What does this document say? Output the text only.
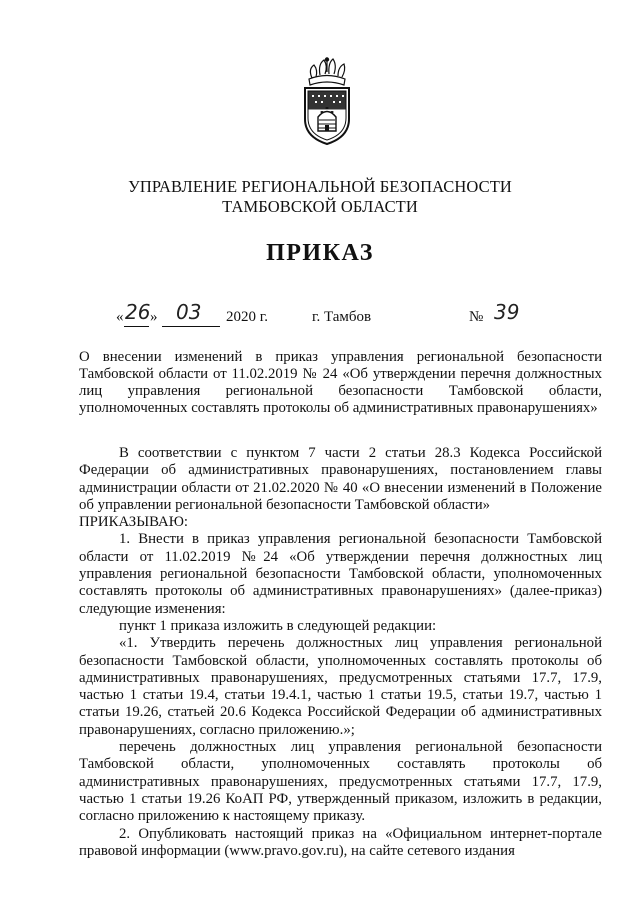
УПРАВЛЕНИЕ РЕГИОНАЛЬНОЙ БЕЗОПАСНОСТИ
ТАМБОВСКОЙ ОБЛАСТИ
ПРИКАЗ
« 26 » 03 2020 г.	г. Тамбов	№ 39
О внесении изменений в приказ управления региональной безопасности Тамбовской области от 11.02.2019 № 24 «Об утверждении перечня должностных лиц управления региональной безопасности Тамбовской области, уполномоченных составлять протоколы об административных правонарушениях»

В соответствии с пунктом 7 части 2 статьи 28.3 Кодекса Российской Федерации об административных правонарушениях, постановлением главы администрации области от 21.02.2020 № 40 «О внесении изменений в Положение об управлении региональной безопасности Тамбовской области»

ПРИКАЗЫВАЮ:

1. Внести в приказ управления региональной безопасности Тамбовской области от 11.02.2019 №24 «Об утверждении перечня должностных лиц управления региональной безопасности Тамбовской области, уполномоченных составлять протоколы об административных правонарушениях» (далее-приказ) следующие изменения:

пункт 1 приказа изложить в следующей редакции:

«1. Утвердить перечень должностных лиц управления региональной безопасности Тамбовской области, уполномоченных составлять протоколы об административных правонарушениях, предусмотренных статьями 17.7, 17.9, частью 1 статьи 19.4, статьи 19.4.1, частью 1 статьи 19.5, статьи 19.7, частью 1 статьи 19.26, статьей 20.6 Кодекса Российской Федерации об административных правонарушениях, согласно приложению.»;

перечень должностных лиц управления региональной безопасности Тамбовской области, уполномоченных составлять протоколы об административных правонарушениях, предусмотренных статьями 17.7, 17.9, частью 1 статьи 19.26 КоАП РФ, утвержденный приказом, изложить в редакции, согласно приложению к настоящему приказу.

2. Опубликовать настоящий приказ на «Официальном интернет-портале правовой информации (www.pravo.gov.ru), на сайте сетевого издания
